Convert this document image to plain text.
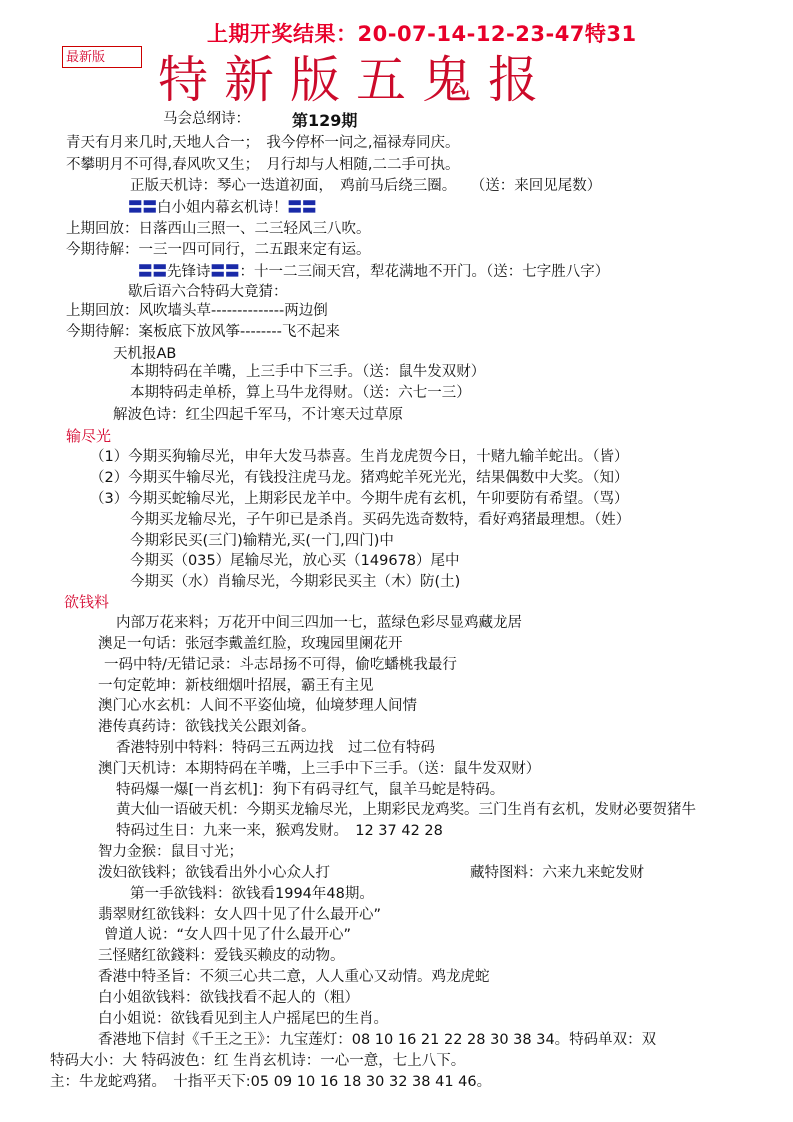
上期开奖结果：20-07-14-12-23-47特31
最新版	特新版五鬼报
马会总纲诗：	第129期
青天有月来几时,天地人合一；　我今停杯一问之,福禄寿同庆。
不攀明月不可得,春风吹又生；　月行却与人相随,二二手可执。
正版天机诗：琴心一迭道初面，　鸡前马后绕三圈。　　（送：来回见尾数）
〓〓白小姐内幕玄机诗！〓〓
上期回放：日落西山三照一、二三轻风三八吹。
今期待解：一三一四可同行，二五跟来定有运。
〓〓先锋诗〓〓：十一二三闹天宫，犁花满地不开门。（送：七字胜八字）
歇后语六合特码大竟猜：
上期回放：风吹墙头草--------------两边倒
今期待解：案板底下放风筝--------飞不起来
天机报AB
本期特码在羊嘴，上三手中下三手。（送：鼠牛发双财）
本期特码走单桥，算上马牛龙得财。（送：六七一三）
解波色诗：红尘四起千军马，不计寒天过草原
输尽光
（1）今期买狗输尽光，申年大发马恭喜。生肖龙虎贺今日，十赌九输羊蛇出。（皆）
（2）今期买牛输尽光，有钱投注虎马龙。猪鸡蛇羊死光光，结果偶数中大奖。（知）
（3）今期买蛇输尽光，上期彩民龙羊中。今期牛虎有玄机，午卯要防有希望。（骂）
今期买龙输尽光，子午卯已是杀肖。买码先选奇数特，看好鸡猪最理想。（姓）
今期彩民买(三门)输精光,买(一门,四门)中
今期买（035）尾输尽光，放心买（149678）尾中
今期买（水）肖输尽光，今期彩民买主（木）防(土)
欲钱料
内部万花来料；万花开中间三四加一七，蓝绿色彩尽显鸡藏龙居
澳足一句话：张冠李戴盖红脸，玫瑰园里阑花开
一码中特/无错记录：斗志昂扬不可得，偷吃蟠桃我最行
一句定乾坤：新枝细烟叶招展，霸王有主见
澳门心水玄机：人间不平姿仙境，仙境梦理人间情
港传真药诗：欲钱找关公跟刘备。
香港特别中特料：特码三五两边找　过二位有特码
澳门天机诗：本期特码在羊嘴，上三手中下三手。（送：鼠牛发双财）
特码爆一爆[一肖玄机]：狗下有码寻红气，鼠羊马蛇是特码。
黄大仙一语破天机：今期买龙输尽光，上期彩民龙鸡奖。三门生肖有玄机，发财必要贺猪牛
特码过生日：九来一来，猴鸡发财。　12 37 42 28
智力金猴：鼠目寸光；
泼妇欲钱料；欲钱看出外小心众人打	藏特图料：六来九来蛇发财
第一手欲钱料：欲钱看1994年48期。
翡翠财红欲钱料：女人四十见了什么最开心”
曾道人说：“女人四十见了什么最开心”
三怪赌红欲錢料：爱钱买赖皮的动物。
香港中特圣旨：不须三心共二意，人人重心又动情。鸡龙虎蛇
白小姐欲钱料：欲钱找看不起人的（粗）
白小姐说：欲钱看见到主人户摇尾巴的生肖。
香港地下信封《千王之王》：九宝莲灯：08 10 16 21 22 28 30 38 34。特码单双：双
特码大小：大 特码波色：红 生肖玄机诗：一心一意，七上八下。
主：牛龙蛇鸡猪。　十指平天下:05 09 10 16 18 30 32 38 41 46。
